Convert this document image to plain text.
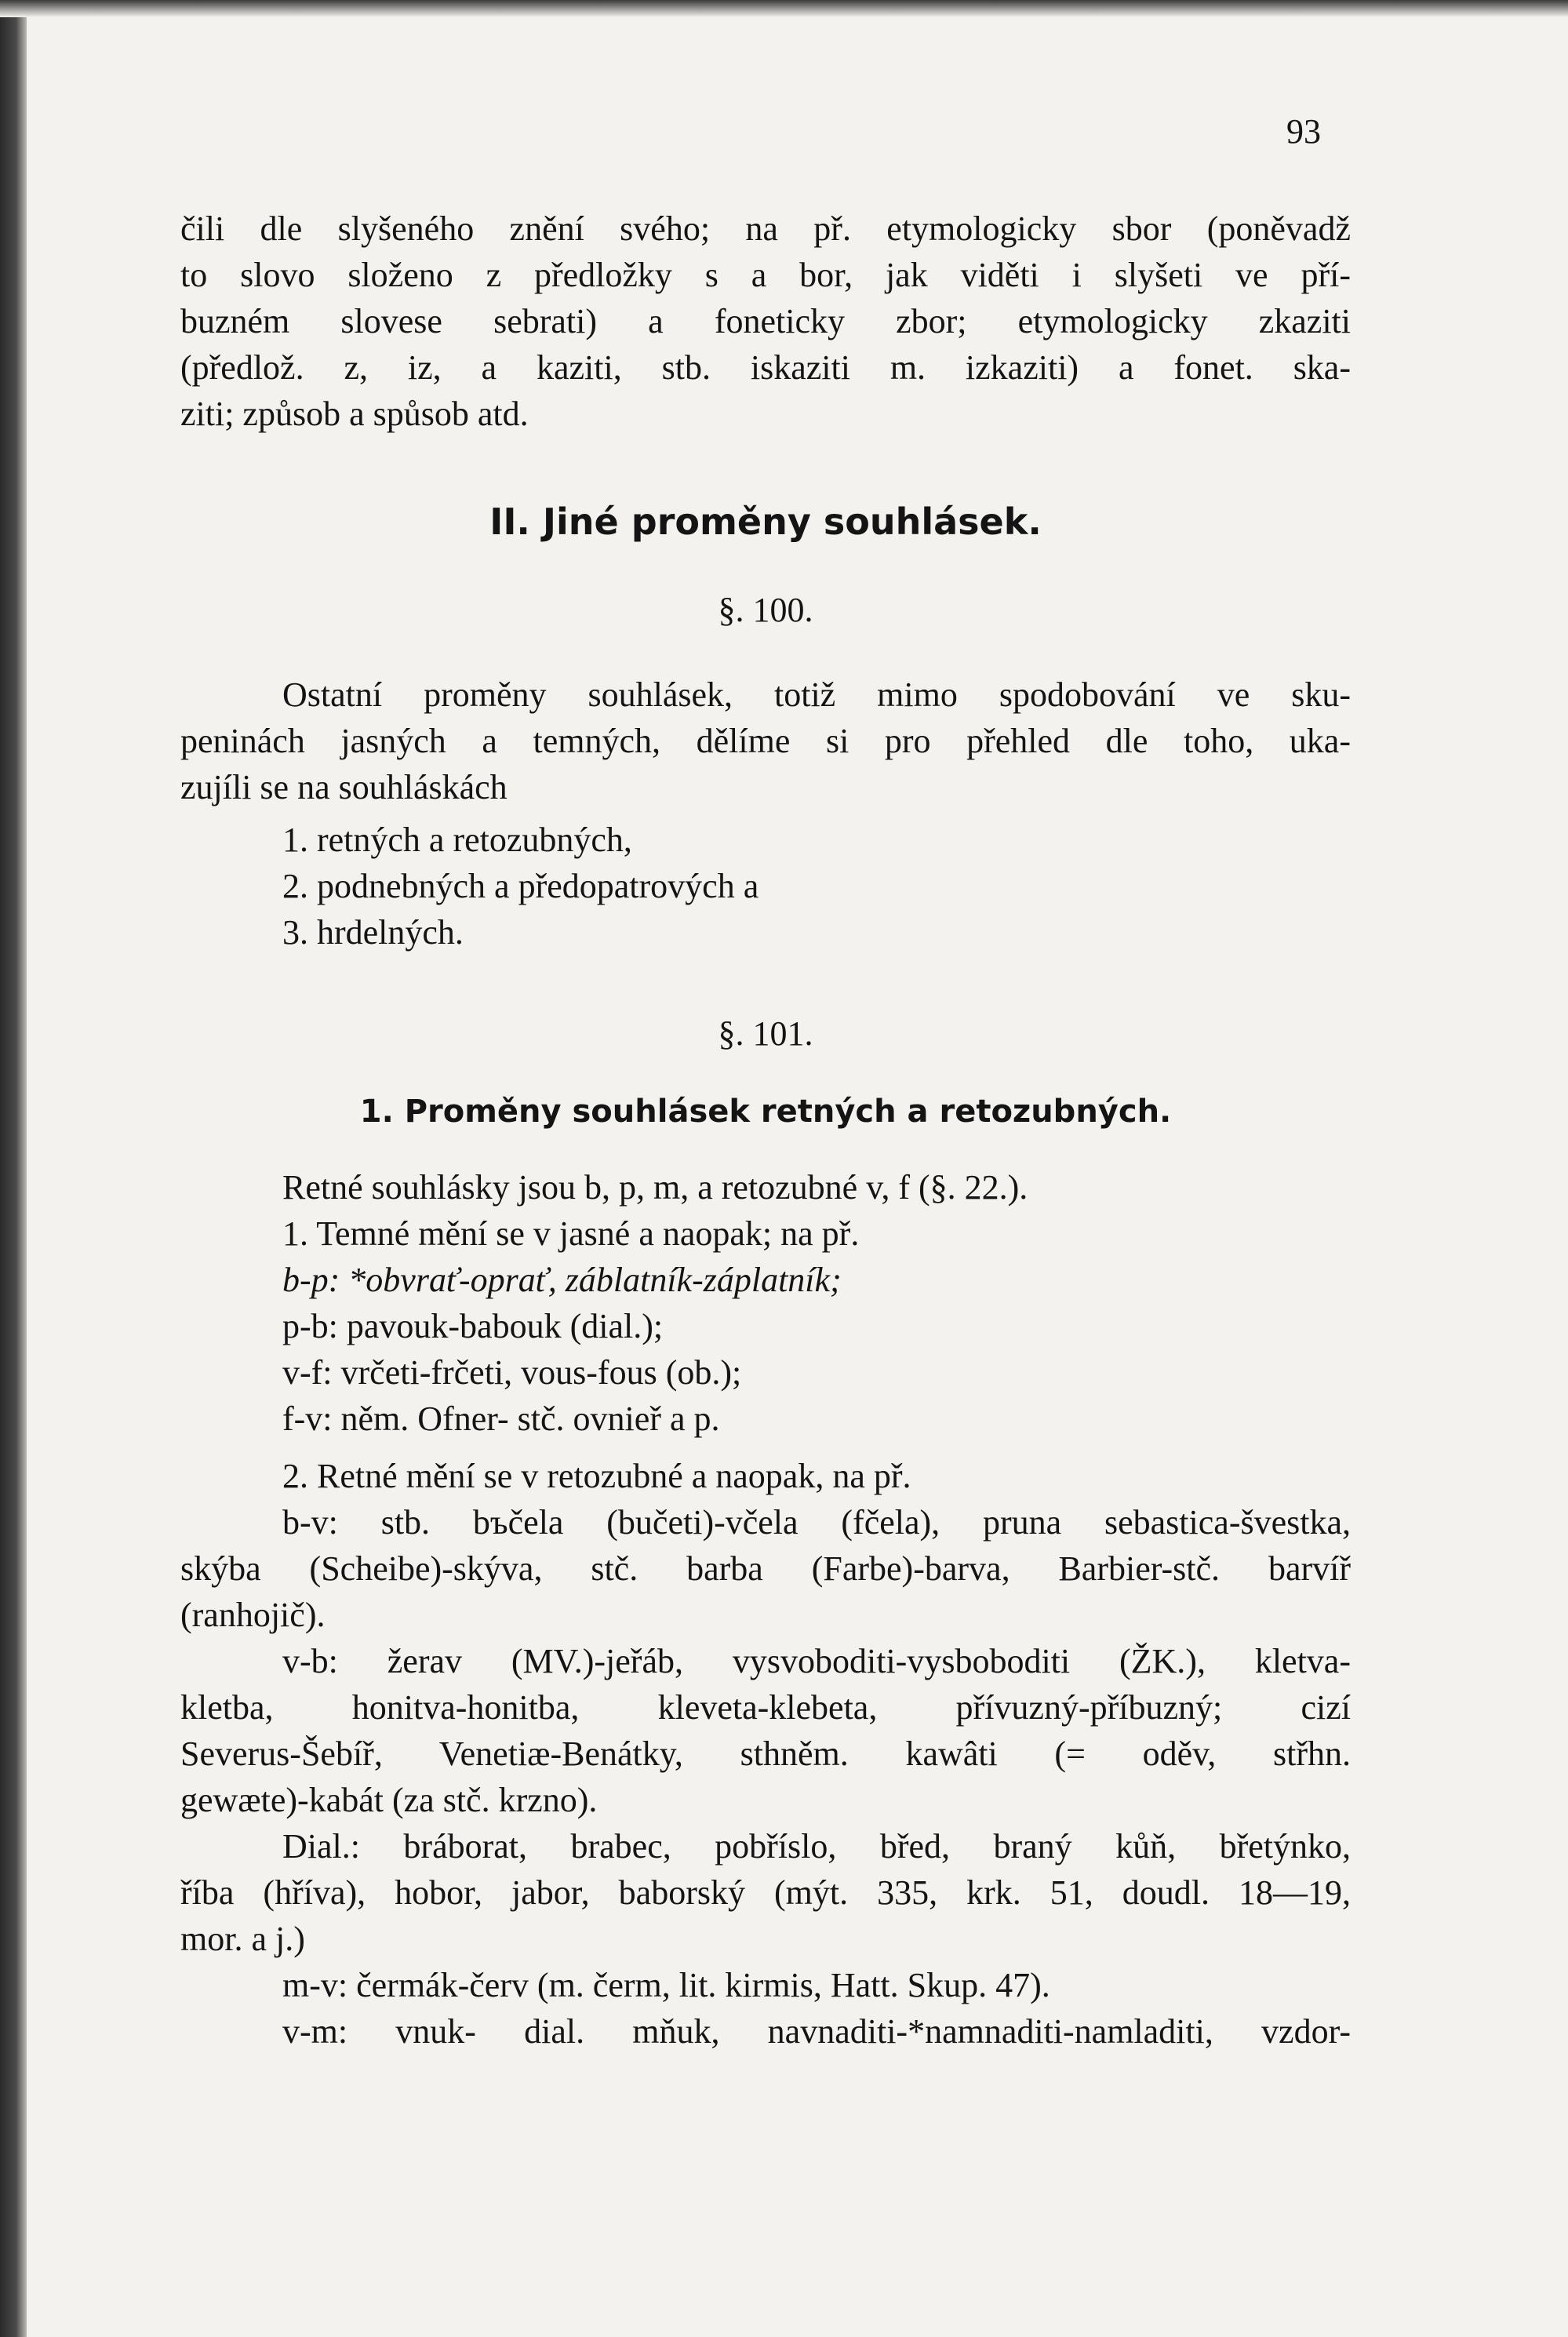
93

čili dle slyšeného znění svého; na př. etymologicky sbor (poněvadž

to slovo složeno z předložky s a bor, jak viděti i slyšeti ve pří-

buzném slovese sebrati) a foneticky zbor; etymologicky zkaziti

(předlož. z, iz, a kaziti, stb. iskaziti m. izkaziti) a fonet. ska-

ziti; způsob a spůsob atd.

II. Jiné proměny souhlásek.
§. 100.

Ostatní proměny souhlásek, totiž mimo spodobování ve sku-

peninách jasných a temných, dělíme si pro přehled dle toho, uka-

zujíli se na souhláskách

1. retných a retozubných,

2. podnebných a předopatrových a

3. hrdelných.

§. 101.
1. Proměny souhlásek retných a retozubných.

Retné souhlásky jsou b, p, m, a retozubné v, f (§. 22.).

1. Temné mění se v jasné a naopak; na př.

b-p: *obvrať-oprať, záblatník-záplatník;

p-b: pavouk-babouk (dial.);

v-f: vrčeti-frčeti, vous-fous (ob.);

f-v: něm. Ofner- stč. ovnieř a p.

2. Retné mění se v retozubné a naopak, na př.

b-v: stb. bъčela (bučeti)-včela (fčela), pruna sebastica-švestka,

skýba (Scheibe)-skýva, stč. barba (Farbe)-barva, Barbier-stč. barvíř

(ranhojič).

v-b: žerav (MV.)-jeřáb, vysvoboditi-vysboboditi (ŽK.), kletva-

kletba, honitva-honitba, kleveta-klebeta, přívuzný-příbuzný; cizí

Severus-Šebíř, Venetiæ-Benátky, sthněm. kawâti (= oděv, střhn.

gewæte)-kabát (za stč. krzno).

Dial.: bráborat, brabec, pobřísl​o, břed, braný kůň, břetýnko,

říba (hříva), hobor, jabor, baborský (mýt. 335, krk. 51, doudl. 18—19,

mor. a j.)

m-v: čermák-červ (m. čerm, lit. kirmis, Hatt. Skup. 47).

v-m: vnuk- dial. mňuk, navnaditi-*namnaditi-namladiti, vzdor-
